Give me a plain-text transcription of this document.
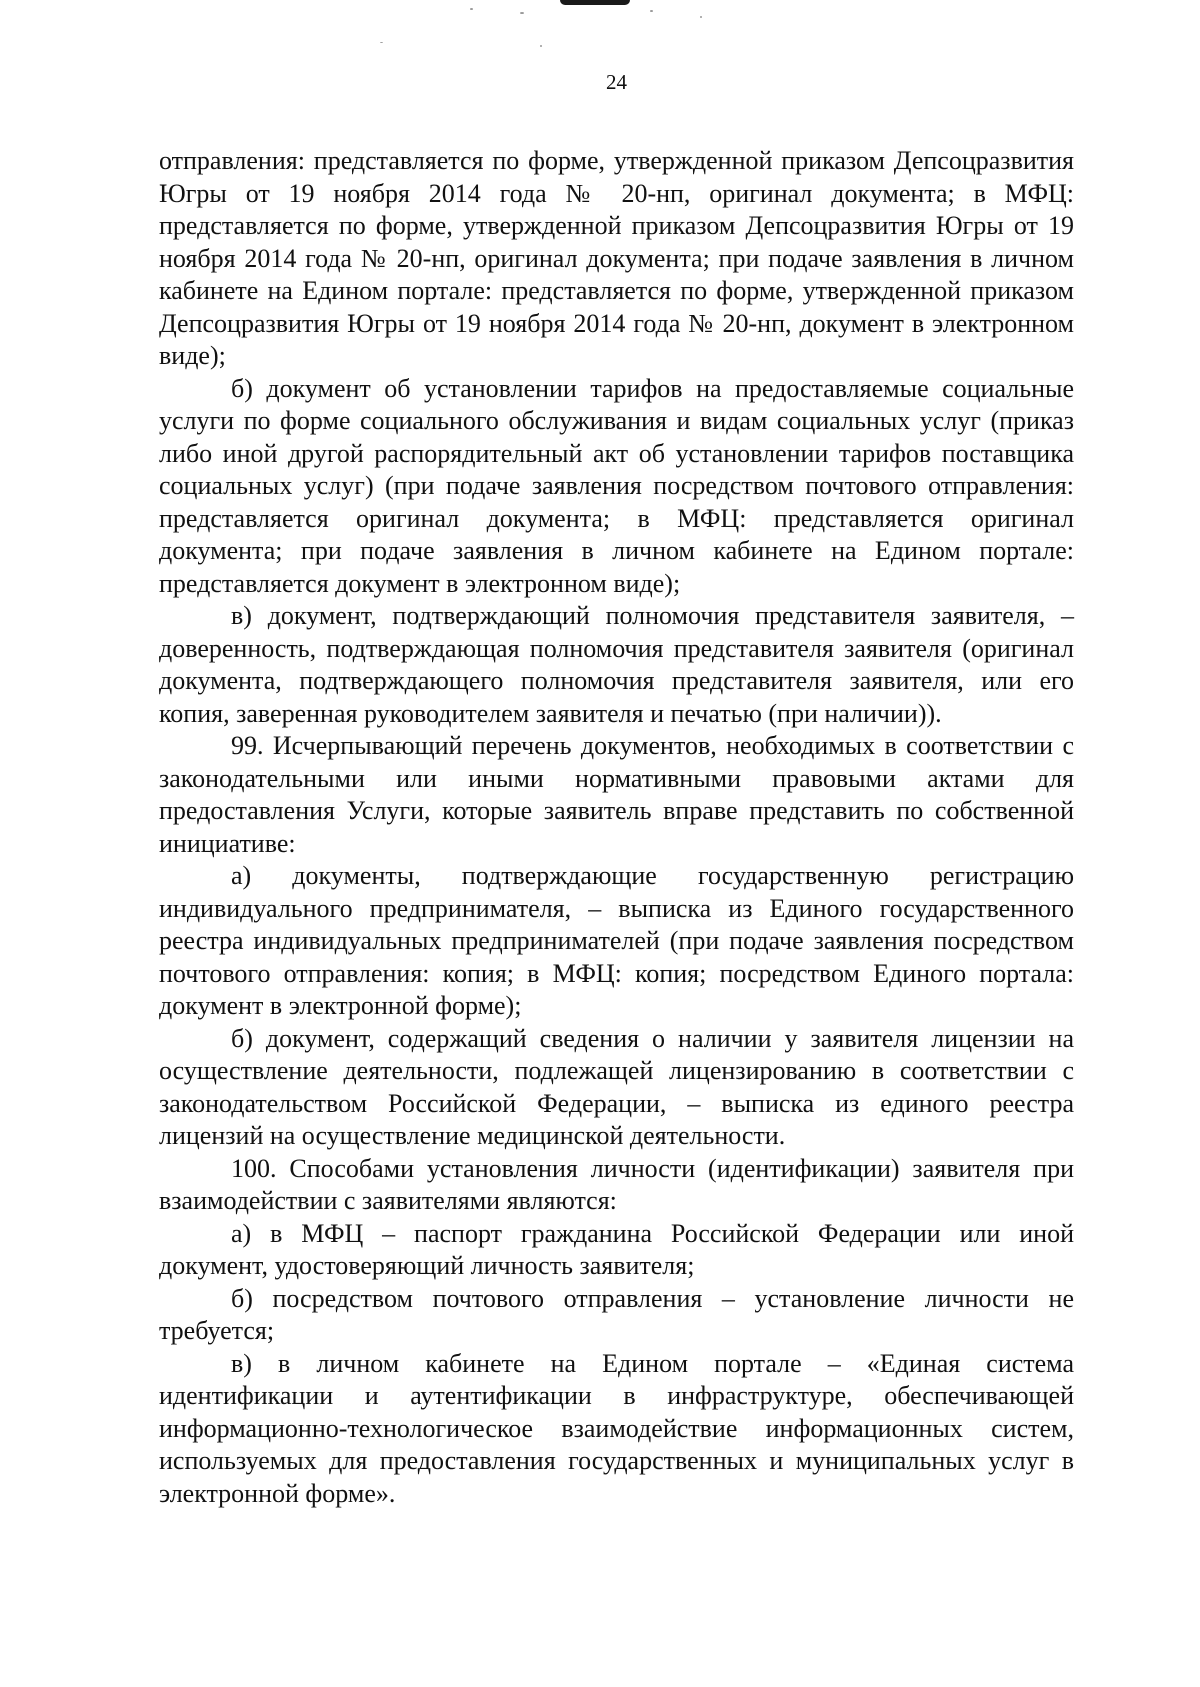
24

отправления: представляется по форме, утвержденной приказом Депсоцразвития Югры от 19 ноября 2014 года № 20-нп, оригинал документа; в МФЦ: представляется по форме, утвержденной приказом Депсоцразвития Югры от 19 ноября 2014 года № 20-нп, оригинал документа; при подаче заявления в личном кабинете на Едином портале: представляется по форме, утвержденной приказом Депсоцразвития Югры от 19 ноября 2014 года № 20-нп, документ в электронном виде);

б) документ об установлении тарифов на предоставляемые социальные услуги по форме социального обслуживания и видам социальных услуг (приказ либо иной другой распорядительный акт об установлении тарифов поставщика социальных услуг) (при подаче заявления посредством почтового отправления: представляется оригинал документа; в МФЦ: представляется оригинал документа; при подаче заявления в личном кабинете на Едином портале: представляется документ в электронном виде);

в) документ, подтверждающий полномочия представителя заявителя, – доверенность, подтверждающая полномочия представителя заявителя (оригинал документа, подтверждающего полномочия представителя заявителя, или его копия, заверенная руководителем заявителя и печатью (при наличии)).

99. Исчерпывающий перечень документов, необходимых в соответствии с законодательными или иными нормативными правовыми актами для предоставления Услуги, которые заявитель вправе представить по собственной инициативе:

а) документы, подтверждающие государственную регистрацию индивидуального предпринимателя, – выписка из Единого государственного реестра индивидуальных предпринимателей (при подаче заявления посредством почтового отправления: копия; в МФЦ: копия; посредством Единого портала: документ в электронной форме);

б) документ, содержащий сведения о наличии у заявителя лицензии на осуществление деятельности, подлежащей лицензированию в соответствии с законодательством Российской Федерации, – выписка из единого реестра лицензий на осуществление медицинской деятельности.

100. Способами установления личности (идентификации) заявителя при взаимодействии с заявителями являются:

а) в МФЦ – паспорт гражданина Российской Федерации или иной документ, удостоверяющий личность заявителя;

б) посредством почтового отправления – установление личности не требуется;

в) в личном кабинете на Едином портале – «Единая система идентификации и аутентификации в инфраструктуре, обеспечивающей информационно-технологическое взаимодействие информационных систем, используемых для предоставления государственных и муниципальных услуг в электронной форме».
